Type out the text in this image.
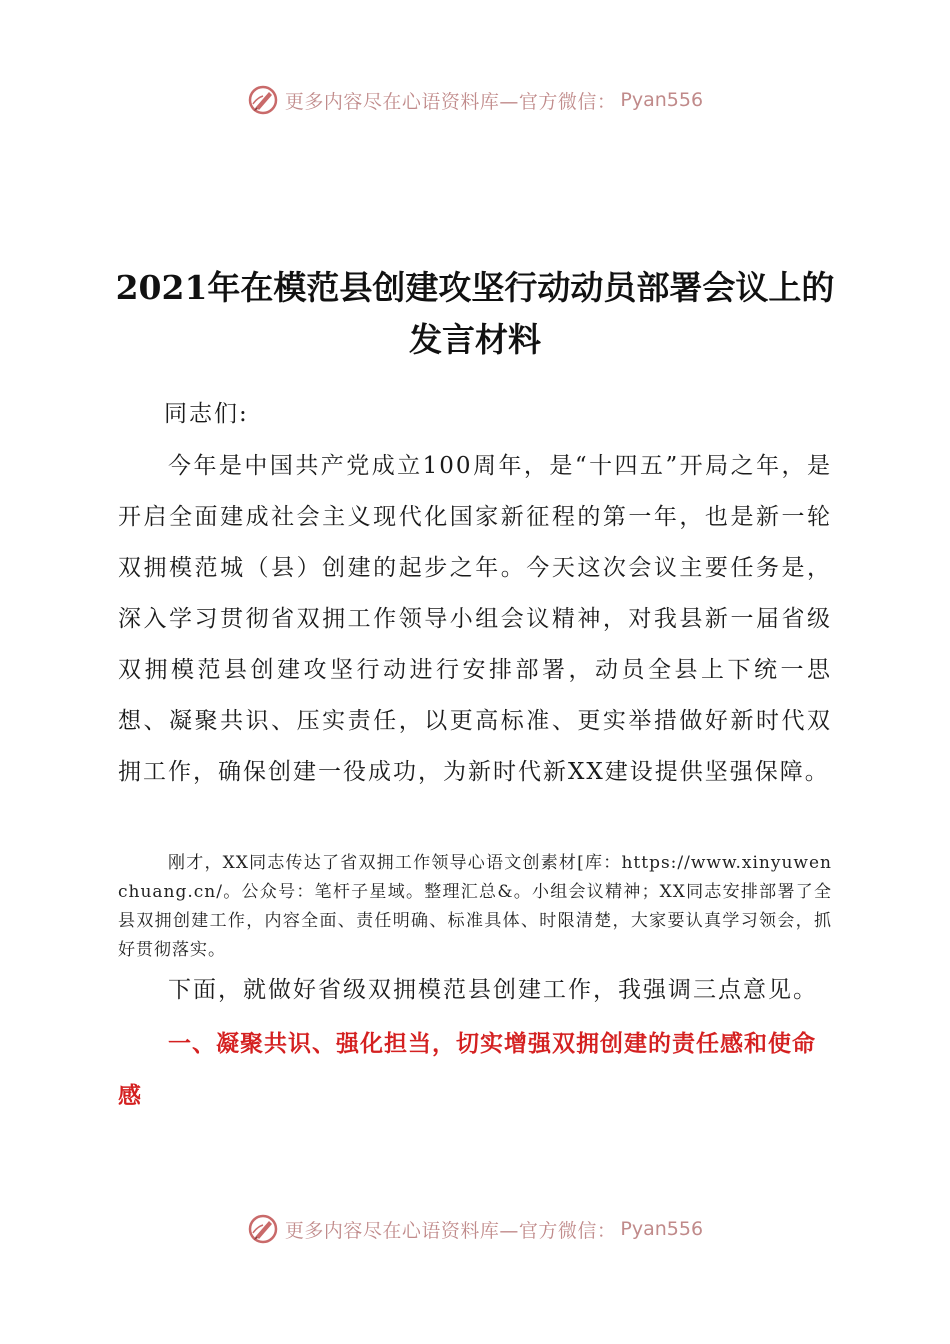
更多内容尽在心语资料库—官方微信： Pyan556
2021年在模范县创建攻坚行动动员部署会议上的发言材料

同志们:

今年是中国共产党成立100周年，是“十四五”开局之年，是开启全面建成社会主义现代化国家新征程的第一年，也是新一轮双拥模范城（县）创建的起步之年。今天这次会议主要任务是，深入学习贯彻省双拥工作领导小组会议精神，对我县新一届省级双拥模范县创建攻坚行动进行安排部署，动员全县上下统一思想、凝聚共识、压实责任，以更高标准、更实举措做好新时代双拥工作，确保创建一役成功，为新时代新XX建设提供坚强保障。

刚才，XX同志传达了省双拥工作领导心语文创素材[库：https://www.xinyuwenchuang.cn/。公众号：笔杆子星域。整理汇总&。小组会议精神；XX同志安排部署了全县双拥创建工作，内容全面、责任明确、标准具体、时限清楚，大家要认真学习领会，抓好贯彻落实。

下面，就做好省级双拥模范县创建工作，我强调三点意见。

一、凝聚共识、强化担当，切实增强双拥创建的责任感和使命感

更多内容尽在心语资料库—官方微信： Pyan556
